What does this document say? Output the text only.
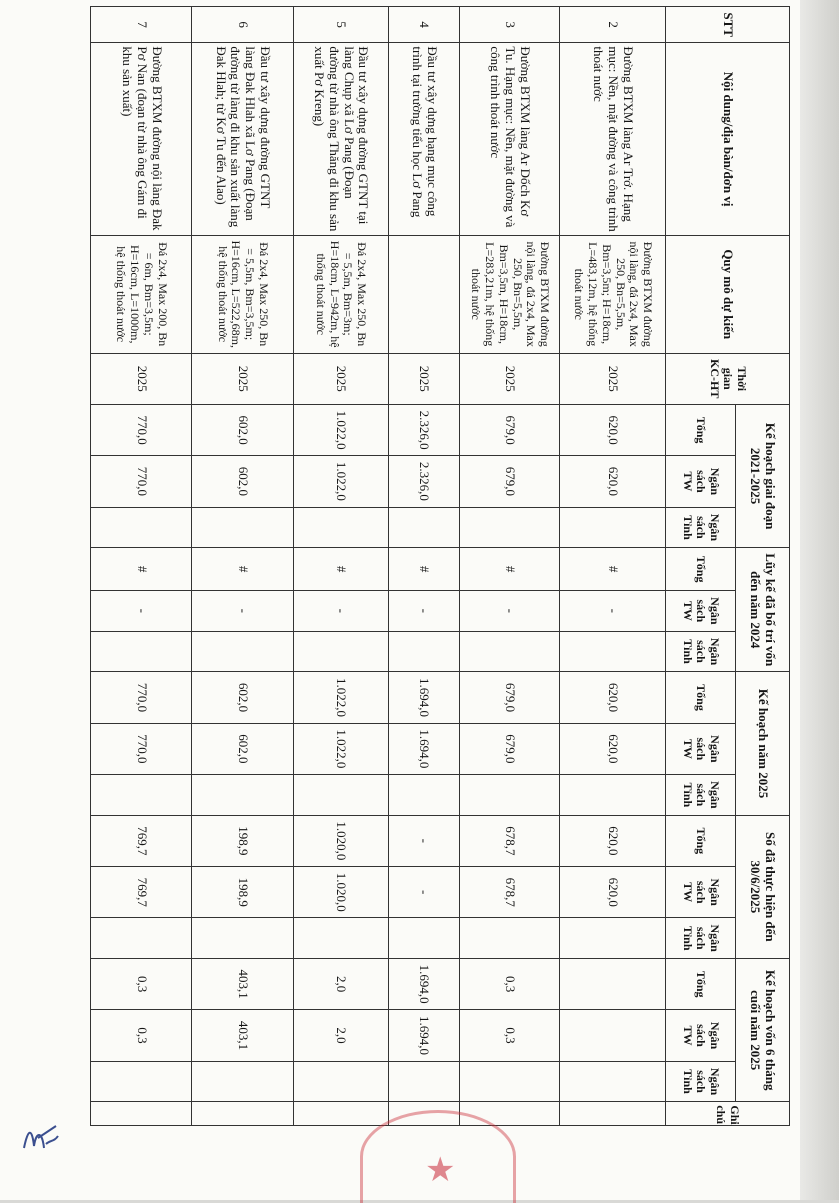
STT	Nội dung/địa bàn/đơn vị	Quy mô dự kiến	Thời gian KC-HT	Kế hoạch giai đoạn 2021-2025			Lũy kế đã bố trí vốn đến năm 2024			Kế hoạch năm 2025			Số đã thực hiện đến 30/6/2025			Kế hoạch vốn 6 tháng cuối năm 2025			Ghi chú
				Tổng	Ngân sách TW	Ngân sách Tỉnh	Tổng	Ngân sách TW	Ngân sách Tỉnh	Tổng	Ngân sách TW	Ngân sách Tỉnh	Tổng	Ngân sách TW	Ngân sách Tỉnh	Tổng	Ngân sách TW	Ngân sách Tỉnh	
2	Đường BTXM làng Ar Trớ. Hạng mục: Nền, mặt đường và công trình thoát nước	Đường BTXM đường nội làng, đá 2x4, Max 250, Bn=5,5m, Bm=3,5m; H=18cm, L=483,12m, hệ thống thoát nước	2025	620,0	620,0		#	-		620,0	620,0		620,0	620,0					
3	Đường BTXM làng Ar Dốch Kơ Tu. Hạng mục: Nền, mặt đường và công trình thoát nước	Đường BTXM đường nội làng, đá 2x4, Max 250, Bn=5,5m, Bm=3,5m, H=18cm, L=283,21m, hệ thống thoát nước	2025	679,0	679,0		#	-		679,0	679,0		678,7	678,7		0,3	0,3		
4	Đầu tư xây dựng hạng mục công trình tại trường tiểu học Lơ Pang		2025	2.326,0	2.326,0		#	-		1.694,0	1.694,0		-	-		1.694,0	1.694,0		
5	Đầu tư xây dựng đường GTNT tại làng Chụp xã Lơ Pang (Đoạn đường từ nhà ông Thăng đi khu sản xuất Pơ Kreng)	Đá 2x4, Max 250, Bn = 5,5m, Bm=3m; H=18cm, L=942m, hệ thống thoát nước	2025	1.022,0	1.022,0		#	-		1.022,0	1.022,0		1.020,0	1.020,0		2,0	2,0		
6	Đầu tư xây dựng đường GTNT làng Đak Hlah xã Lơ Pang (Đoạn đường từ làng đi khu sản xuất làng Đak Hlah; từ Kơ Tu đến Alao)	Đá 2x4, Max 250, Bn = 5,5m, Bm=3,5m; H=16cm, L=522,68m, hệ thống thoát nước	2025	602,0	602,0		#	-		602,0	602,0		198,9	198,9		403,1	403,1		
7	Đường BTXM đường nội làng Đak Pơ Nan (đoạn từ nhà ông Gám đi khu sản xuất)	Đá 2x4, Max 200, Bn = 6m, Bm=3,5m; H=16cm, L=1000m, hệ thống thoát nước	2025	770,0	770,0		#	-		770,0	770,0		769,7	769,7		0,3	0,3		
★
